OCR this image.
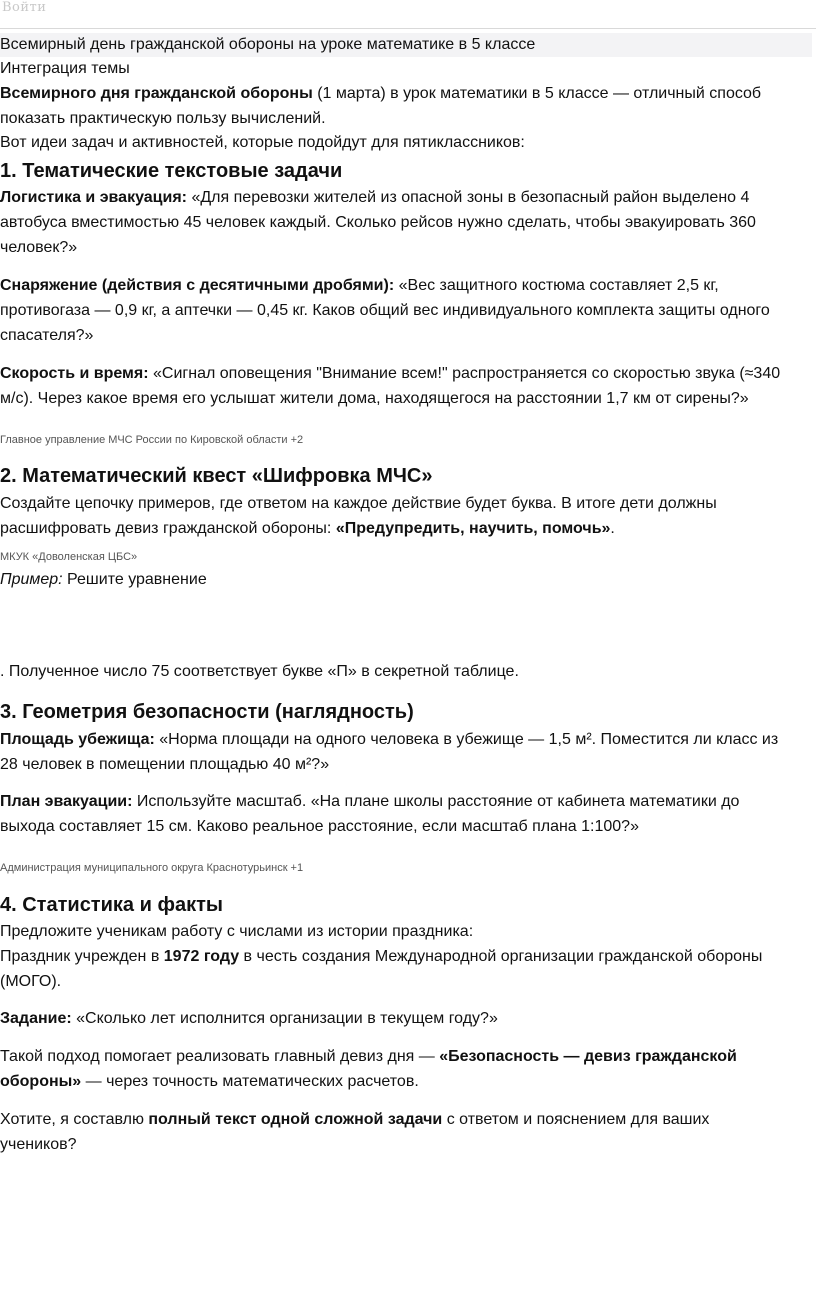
Войти
Всемирный день гражданской обороны на уроке математике в 5 классе
Интеграция темы
Всемирного дня гражданской обороны (1 марта) в урок математики в 5 классе — отличный способ
показать практическую пользу вычислений.
Вот идеи задач и активностей, которые подойдут для пятиклассников:
1. Тематические текстовые задачи
Логистика и эвакуация: «Для перевозки жителей из опасной зоны в безопасный район выделено 4
автобуса вместимостью 45 человек каждый. Сколько рейсов нужно сделать, чтобы эвакуировать 360
человек?»
Снаряжение (действия с десятичными дробями): «Вес защитного костюма составляет 2,5 кг,
противогаза — 0,9 кг, а аптечки — 0,45 кг. Каков общий вес индивидуального комплекта защиты одного
спасателя?»
Скорость и время: «Сигнал оповещения "Внимание всем!" распространяется со скоростью звука (≈340
м/с). Через какое время его услышат жители дома, находящегося на расстоянии 1,7 км от сирены?»
Главное управление МЧС России по Кировской области +2
2. Математический квест «Шифровка МЧС»
Создайте цепочку примеров, где ответом на каждое действие будет буква. В итоге дети должны
расшифровать девиз гражданской обороны: «Предупредить, научить, помочь».
МКУК «Доволенская ЦБС»
Пример: Решите уравнение
. Полученное число 75 соответствует букве «П» в секретной таблице.
3. Геометрия безопасности (наглядность)
Площадь убежища: «Норма площади на одного человека в убежище — 1,5 м². Поместится ли класс из
28 человек в помещении площадью 40 м²?»
План эвакуации: Используйте масштаб. «На плане школы расстояние от кабинета математики до
выхода составляет 15 см. Каково реальное расстояние, если масштаб плана 1:100?»
Администрация муниципального округа Краснотурьинск +1
4. Статистика и факты
Предложите ученикам работу с числами из истории праздника:
Праздник учрежден в 1972 году в честь создания Международной организации гражданской обороны
(МОГО).
Задание: «Сколько лет исполнится организации в текущем году?»
Такой подход помогает реализовать главный девиз дня — «Безопасность — девиз гражданской
обороны» — через точность математических расчетов.
Хотите, я составлю полный текст одной сложной задачи с ответом и пояснением для ваших
учеников?
